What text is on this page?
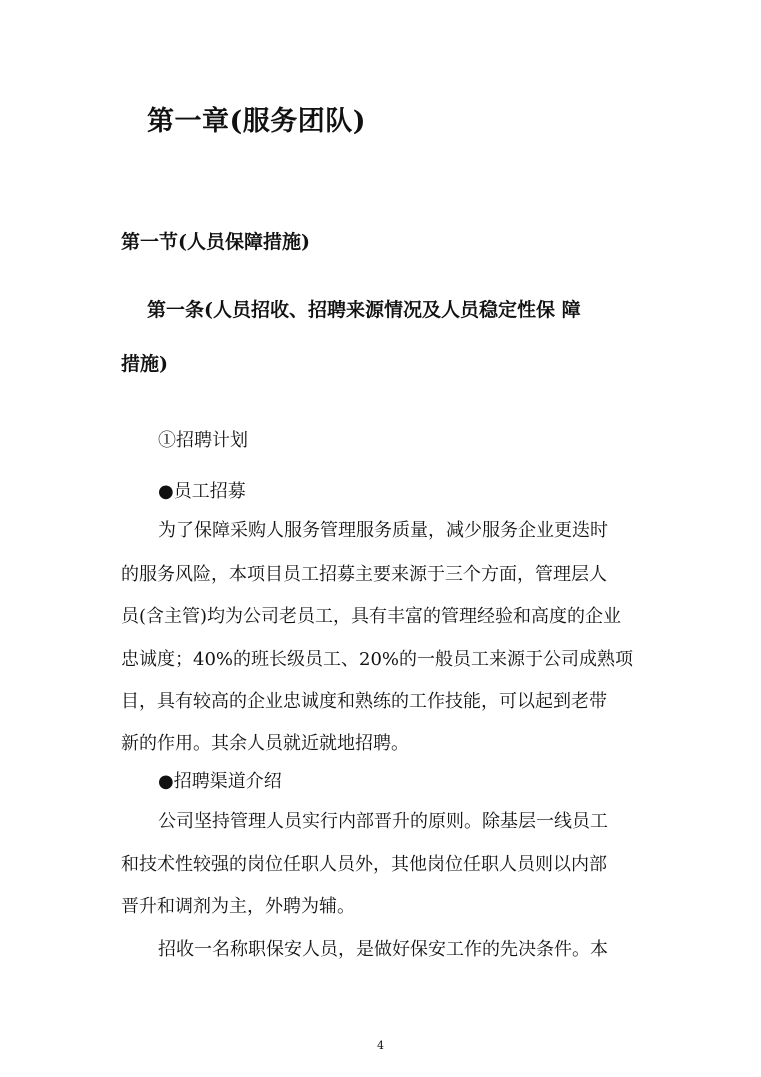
第一章(服务团队)
第一节(人员保障措施)
第一条(人员招收、招聘来源情况及人员稳定性保 障
措施)

①招聘计划

●员工招募

为了保障采购人服务管理服务质量，减少服务企业更迭时

的服务风险，本项目员工招募主要来源于三个方面，管理层人

员(含主管)均为公司老员工，具有丰富的管理经验和高度的企业

忠诚度；40%的班长级员工、20%的一般员工来源于公司成熟项

目，具有较高的企业忠诚度和熟练的工作技能，可以起到老带

新的作用。其余人员就近就地招聘。

●招聘渠道介绍

公司坚持管理人员实行内部晋升的原则。除基层一线员工

和技术性较强的岗位任职人员外，其他岗位任职人员则以内部

晋升和调剂为主，外聘为辅。

招收一名称职保安人员，是做好保安工作的先决条件。本

4
